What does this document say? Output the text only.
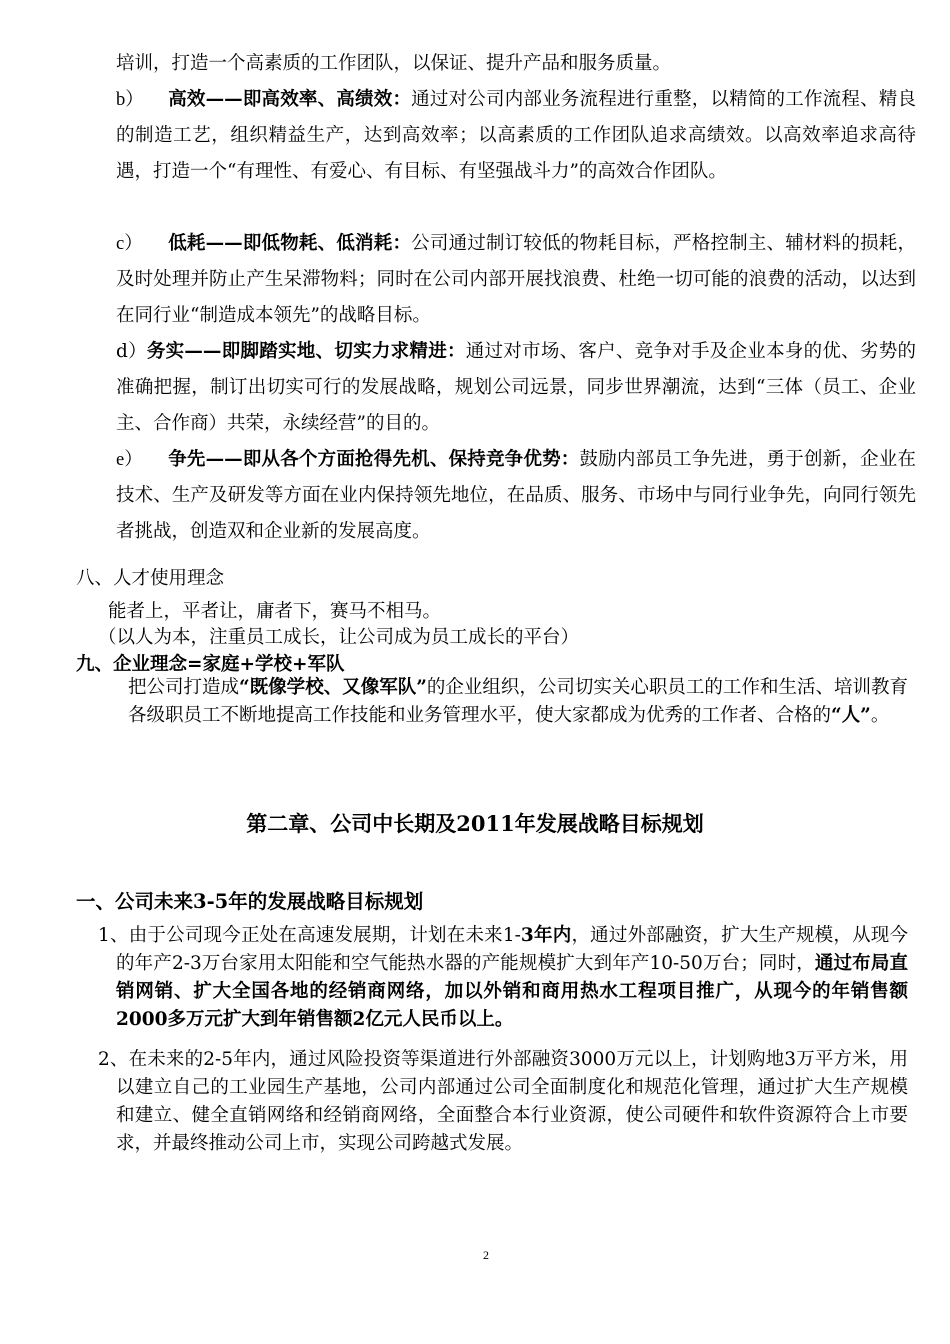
培训，打造一个高素质的工作团队，以保证、提升产品和服务质量。

b） 高效——即高效率、高绩效：通过对公司内部业务流程进行重整，以精简的工作流程、精良的制造工艺，组织精益生产，达到高效率；以高素质的工作团队追求高绩效。以高效率追求高待遇，打造一个“有理性、有爱心、有目标、有坚强战斗力”的高效合作团队。

c） 低耗——即低物耗、低消耗：公司通过制订较低的物耗目标，严格控制主、辅材料的损耗，及时处理并防止产生呆滞物料；同时在公司内部开展找浪费、杜绝一切可能的浪费的活动，以达到在同行业“制造成本领先”的战略目标。

d）务实——即脚踏实地、切实力求精进：通过对市场、客户、竞争对手及企业本身的优、劣势的准确把握，制订出切实可行的发展战略，规划公司远景，同步世界潮流，达到“三体（员工、企业主、合作商）共荣，永续经营”的目的。

e） 争先——即从各个方面抢得先机、保持竞争优势：鼓励内部员工争先进，勇于创新，企业在技术、生产及研发等方面在业内保持领先地位，在品质、服务、市场中与同行业争先，向同行领先者挑战，创造双和企业新的发展高度。

八、人才使用理念

能者上，平者让，庸者下，赛马不相马。

（以人为本，注重员工成长，让公司成为员工成长的平台）

九、企业理念=家庭+学校+军队

把公司打造成“既像学校、又像军队”的企业组织，公司切实关心职员工的工作和生活、培训教育各级职员工不断地提高工作技能和业务管理水平，使大家都成为优秀的工作者、合格的“人”。

第二章、公司中长期及2011年发展战略目标规划

一、公司未来3-5年的发展战略目标规划

1、由于公司现今正处在高速发展期，计划在未来1-3年内，通过外部融资，扩大生产规模，从现今的年产2-3万台家用太阳能和空气能热水器的产能规模扩大到年产10-50万台；同时，通过布局直销网销、扩大全国各地的经销商网络，加以外销和商用热水工程项目推广，从现今的年销售额2000多万元扩大到年销售额2亿元人民币以上。

2、在未来的2-5年内，通过风险投资等渠道进行外部融资3000万元以上，计划购地3万平方米，用以建立自己的工业园生产基地，公司内部通过公司全面制度化和规范化管理，通过扩大生产规模和建立、健全直销网络和经销商网络，全面整合本行业资源，使公司硬件和软件资源符合上市要求，并最终推动公司上市，实现公司跨越式发展。

2
